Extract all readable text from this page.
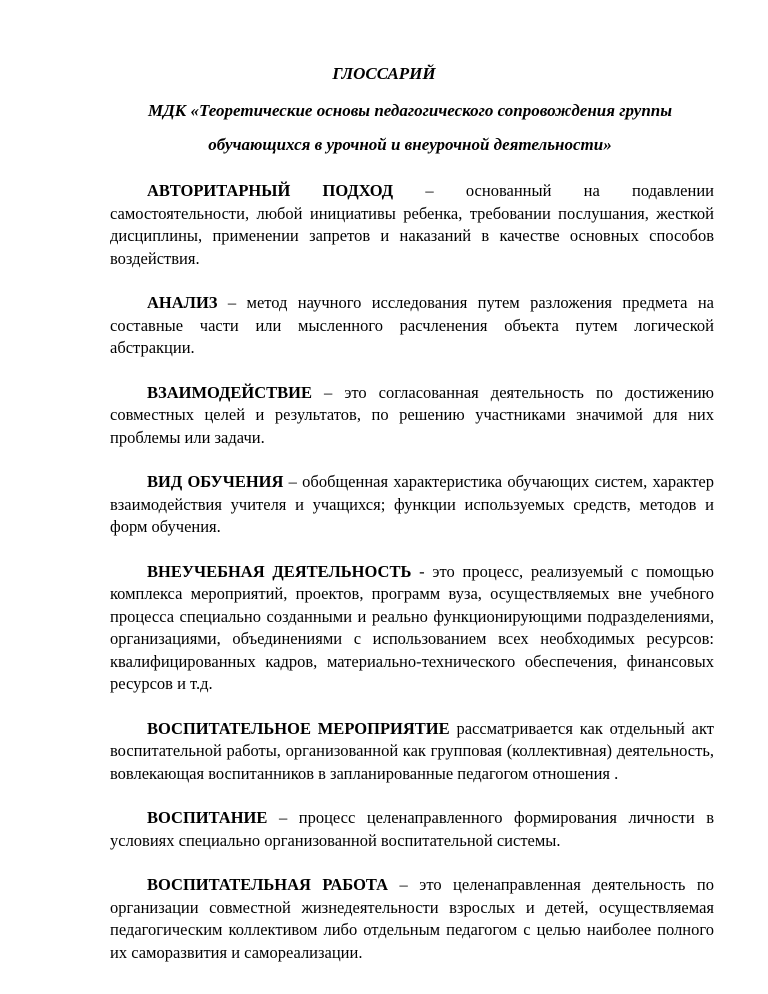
ГЛОССАРИЙ
МДК «Теоретические основы педагогического сопровождения группы обучающихся в урочной и внеурочной деятельности»

АВТОРИТАРНЫЙ ПОДХОД – основанный на подавлении самостоятельности, любой инициативы ребенка, требовании послушания, жесткой дисциплины, применении запретов и наказаний в качестве основных способов воздействия.

АНАЛИЗ – метод научного исследования путем разложения предмета на составные части или мысленного расчленения объекта путем логической абстракции.

ВЗАИМОДЕЙСТВИЕ – это согласованная деятельность по достижению совместных целей и результатов, по решению участниками значимой для них проблемы или задачи.

ВИД ОБУЧЕНИЯ – обобщенная характеристика обучающих систем, характер взаимодействия учителя и учащихся; функции используемых средств, методов и форм обучения.

ВНЕУЧЕБНАЯ ДЕЯТЕЛЬНОСТЬ - это процесс, реализуемый с помощью комплекса мероприятий, проектов, программ вуза, осуществляемых вне учебного процесса специально созданными и реально функционирующими подразделениями, организациями, объединениями с использованием всех необходимых ресурсов: квалифицированных кадров, материально-технического обеспечения, финансовых ресурсов и т.д.

ВОСПИТАТЕЛЬНОЕ МЕРОПРИЯТИЕ рассматривается как отдельный акт воспитательной работы, организованной как групповая (коллективная) деятельность, вовлекающая воспитанников в запланированные педагогом отношения .

ВОСПИТАНИЕ – процесс целенаправленного формирования личности в условиях специально организованной воспитательной системы.

ВОСПИТАТЕЛЬНАЯ РАБОТА – это целенаправленная деятельность по организации совместной жизнедеятельности взрослых и детей, осуществляемая педагогическим коллективом либо отдельным педагогом с целью наиболее полного их саморазвития и самореализации.
